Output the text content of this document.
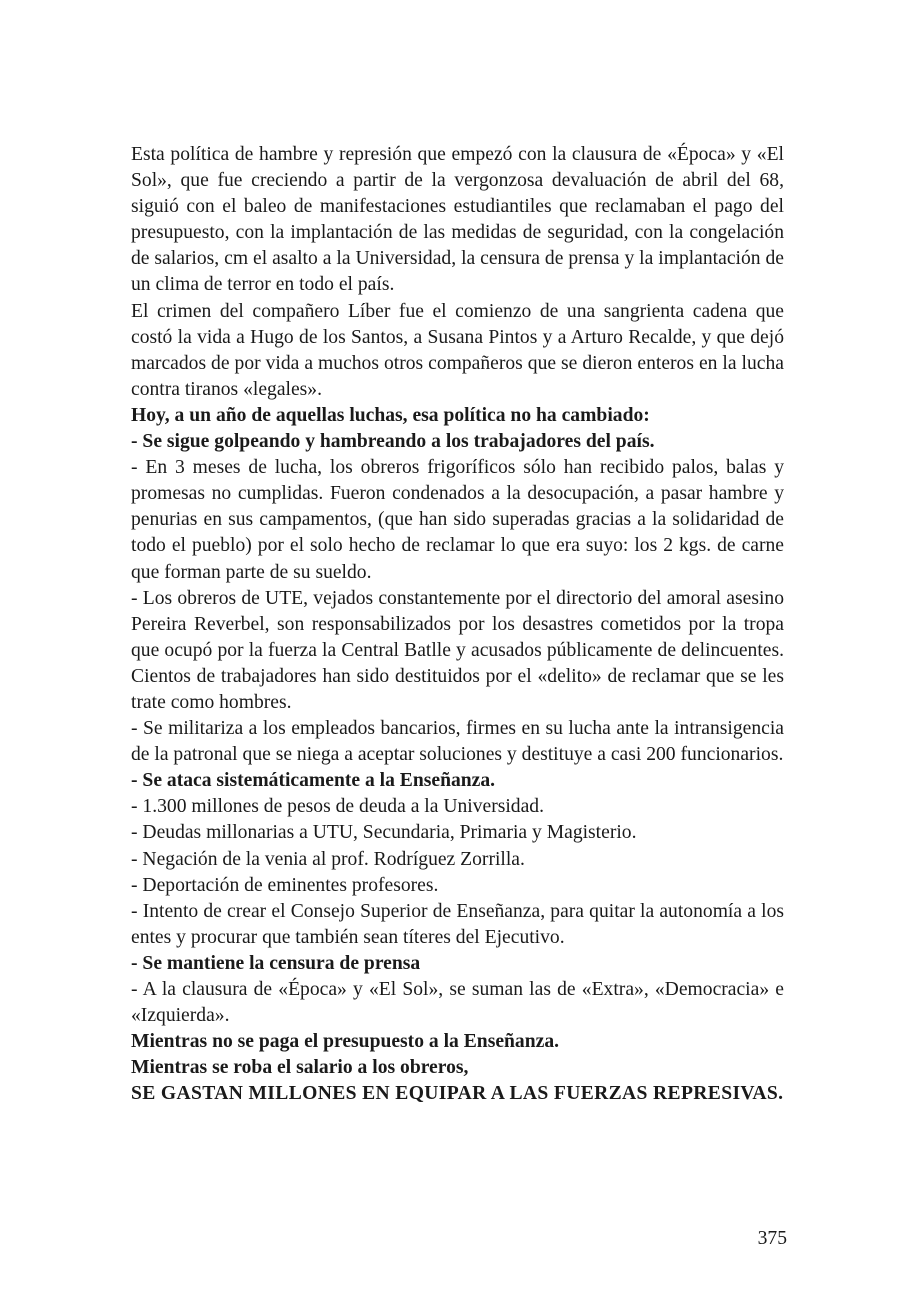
Esta política de hambre y represión que empezó con la clausura de «Época» y «El Sol», que fue creciendo a partir de la vergonzosa devaluación de abril del 68, siguió con el baleo de manifestaciones estudiantiles que reclamaban el pago del presupuesto, con la implantación de las medidas de seguridad, con la congelación de salarios, cm el asalto a la Universidad, la censura de prensa y la implantación de un clima de terror en todo el país.

El crimen del compañero Líber fue el comienzo de una sangrienta cadena que costó la vida a Hugo de los Santos, a Susana Pintos y a Arturo Recalde, y que dejó marcados de por vida a muchos otros compañeros que se dieron enteros en la lucha contra tiranos «legales».

Hoy, a un año de aquellas luchas, esa política no ha cambiado:

- Se sigue golpeando y hambreando a los trabajadores del país.

- En 3 meses de lucha, los obreros frigoríficos sólo han recibido palos, balas y promesas no cumplidas. Fueron condenados a la desocupación, a pasar hambre y penurias en sus campamentos, (que han sido superadas gracias a la solidaridad de todo el pueblo) por el solo hecho de reclamar lo que era suyo: los 2 kgs. de carne que forman parte de su sueldo.

- Los obreros de UTE, vejados constantemente por el directorio del amoral asesino Pereira Reverbel, son responsabilizados por los desastres cometidos por la tropa que ocupó por la fuerza la Central Batlle y acusados públicamente de delincuentes. Cientos de trabajadores han sido destituidos por el «delito» de reclamar que se les trate como hombres.

- Se militariza a los empleados bancarios, firmes en su lucha ante la intransigencia de la patronal que se niega a aceptar soluciones y destituye a casi 200 funcionarios.

- Se ataca sistemáticamente a la Enseñanza.

- 1.300 millones de pesos de deuda a la Universidad.

- Deudas millonarias a UTU, Secundaria, Primaria y Magisterio.

- Negación de la venia al prof. Rodríguez Zorrilla.

- Deportación de eminentes profesores.

- Intento de crear el Consejo Superior de Enseñanza, para quitar la autonomía a los entes y procurar que también sean títeres del Ejecutivo.

- Se mantiene la censura de prensa

- A la clausura de «Época» y «El Sol», se suman las de «Extra», «Democracia» e «Izquierda».

Mientras no se paga el presupuesto a la Enseñanza.

Mientras se roba el salario a los obreros,

SE GASTAN MILLONES EN EQUIPAR A LAS FUERZAS REPRESIVAS.

375
